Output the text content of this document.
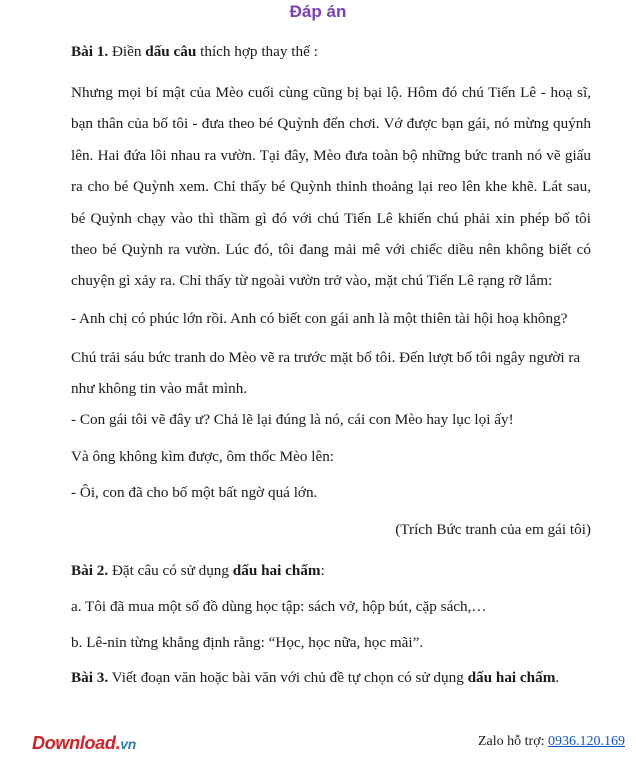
Đáp án
Bài 1. Điền dấu câu thích hợp thay thế :
Nhưng mọi bí mật của Mèo cuối cùng cũng bị bại lộ. Hôm đó chú Tiến Lê - hoạ sĩ, bạn thân của bố tôi - đưa theo bé Quỳnh đến chơi. Vớ được bạn gái, nó mừng quýnh lên. Hai đứa lôi nhau ra vườn. Tại đây, Mèo đưa toàn bộ những bức tranh nó vẽ giấu ra cho bé Quỳnh xem. Chỉ thấy bé Quỳnh thỉnh thoảng lại reo lên khe khẽ. Lát sau, bé Quỳnh chạy vào thì thầm gì đó với chú Tiến Lê khiến chú phải xin phép bố tôi theo bé Quỳnh ra vườn. Lúc đó, tôi đang mải mê với chiếc diều nên không biết có chuyện gì xảy ra. Chỉ thấy từ ngoài vườn trở vào, mặt chú Tiến Lê rạng rỡ lắm:
- Anh chị có phúc lớn rồi. Anh có biết con gái anh là một thiên tài hội hoạ không?
Chú trải sáu bức tranh do Mèo vẽ ra trước mặt bố tôi. Đến lượt bố tôi ngây người ra như không tin vào mắt mình.
- Con gái tôi vẽ đây ư? Chả lẽ lại đúng là nó, cái con Mèo hay lục lọi ấy!
Và ông không kìm được, ôm thốc Mèo lên:
- Ôi, con đã cho bố một bất ngờ quá lớn.
(Trích Bức tranh của em gái tôi)
Bài 2. Đặt câu có sử dụng dấu hai chấm:
a. Tôi đã mua một số đồ dùng học tập: sách vở, hộp bút, cặp sách,…
b. Lê-nin từng khẳng định rằng: “Học, học nữa, học mãi”.
Bài 3. Viết đoạn văn hoặc bài văn với chủ đề tự chọn có sử dụng dấu hai chấm.
Download.vn	Zalo hỗ trợ: 0936.120.169
